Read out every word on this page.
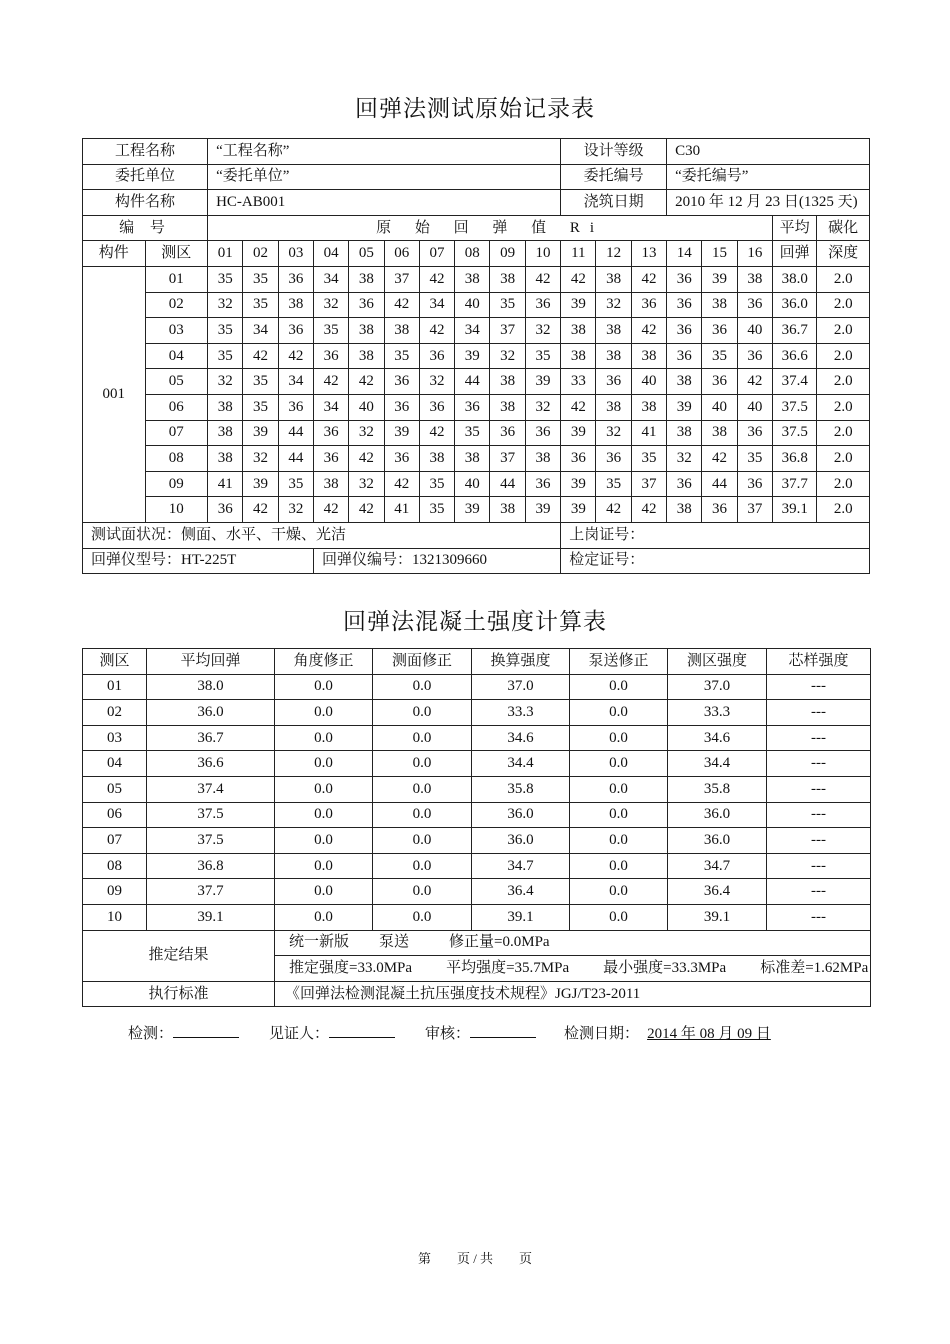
回弹法测试原始记录表
工程名称		“工程名称”										设计等级			C30				
委托单位		“委托单位”										委托编号			“委托编号”				
构件名称		HC-AB001										浇筑日期			2010 年 12 月 23 日(1325 天)				
编 号		原 始 回 弹 值 Ri																平均	碳化
构件	测区	01	02	03	04	05	06	07	08	09	10	11	12	13	14	15	16	回弹	深度
001	01	35	35	36	34	38	37	42	38	38	42	42	38	42	36	39	38	38.0	2.0
	02	32	35	38	32	36	42	34	40	35	36	39	32	36	36	38	36	36.0	2.0
	03	35	34	36	35	38	38	42	34	37	32	38	38	42	36	36	40	36.7	2.0
	04	35	42	42	36	38	35	36	39	32	35	38	38	38	36	35	36	36.6	2.0
	05	32	35	34	42	42	36	32	44	38	39	33	36	40	38	36	42	37.4	2.0
	06	38	35	36	34	40	36	36	36	38	32	42	38	38	39	40	40	37.5	2.0
	07	38	39	44	36	32	39	42	35	36	36	39	32	41	38	38	36	37.5	2.0
	08	38	32	44	36	42	36	38	38	37	38	36	36	35	32	42	35	36.8	2.0
	09	41	39	35	38	32	42	35	40	44	36	39	35	37	36	44	36	37.7	2.0
	10	36	42	32	42	42	41	35	39	38	39	39	42	42	38	36	37	39.1	2.0
测试面状况：侧面、水平、干燥、光洁												上岗证号：							
回弹仪型号：HT-225T					回弹仪编号：1321309660							检定证号：							
回弹法混凝土强度计算表
测区	平均回弹	角度修正	测面修正	换算强度	泵送修正	测区强度	芯样强度
01	38.0	0.0	0.0	37.0	0.0	37.0	---
02	36.0	0.0	0.0	33.3	0.0	33.3	---
03	36.7	0.0	0.0	34.6	0.0	34.6	---
04	36.6	0.0	0.0	34.4	0.0	34.4	---
05	37.4	0.0	0.0	35.8	0.0	35.8	---
06	37.5	0.0	0.0	36.0	0.0	36.0	---
07	37.5	0.0	0.0	36.0	0.0	36.0	---
08	36.8	0.0	0.0	34.7	0.0	34.7	---
09	37.7	0.0	0.0	36.4	0.0	36.4	---
10	39.1	0.0	0.0	39.1	0.0	39.1	---
推定结果		统一新版 泵送 修正量=0.0MPa					
		推定强度=33.0MPa 平均强度=35.7MPa 最小强度=33.3MPa 标准差=1.62MPa					
执行标准		《回弹法检测混凝土抗压强度技术规程》JGJ/T23-2011					
检测：	见证人：	审核：	检测日期： 2014 年 08 月 09 日
第　　页 / 共　　页
